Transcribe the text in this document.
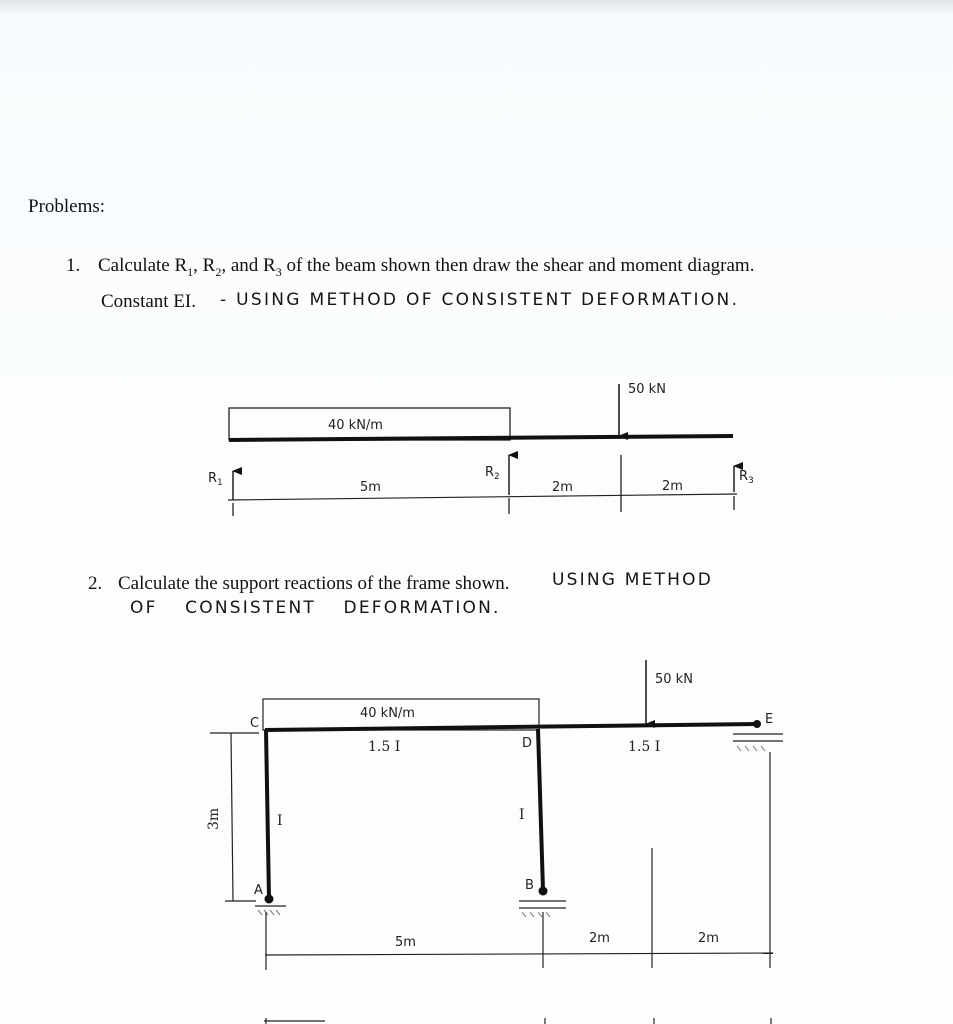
Problems:
1. Calculate $R_1$, $R_2$, and $R_3$ of the beam shown then draw the shear and moment diagram.
Constant EI. - USING METHOD OF CONSISTENT DEFORMATION.
2. Calculate the support reactions of the frame shown.	USING METHOD
OF CONSISTENT DEFORMATION.
40 kN/m
50 kN
$R_1$
$R_2$	$R_3$
5m	2m	2m
40 kN/m
50 kN
1.5 I	1.5 I
I	I
C
D
E
A	B
3m
5m	2m	2m
